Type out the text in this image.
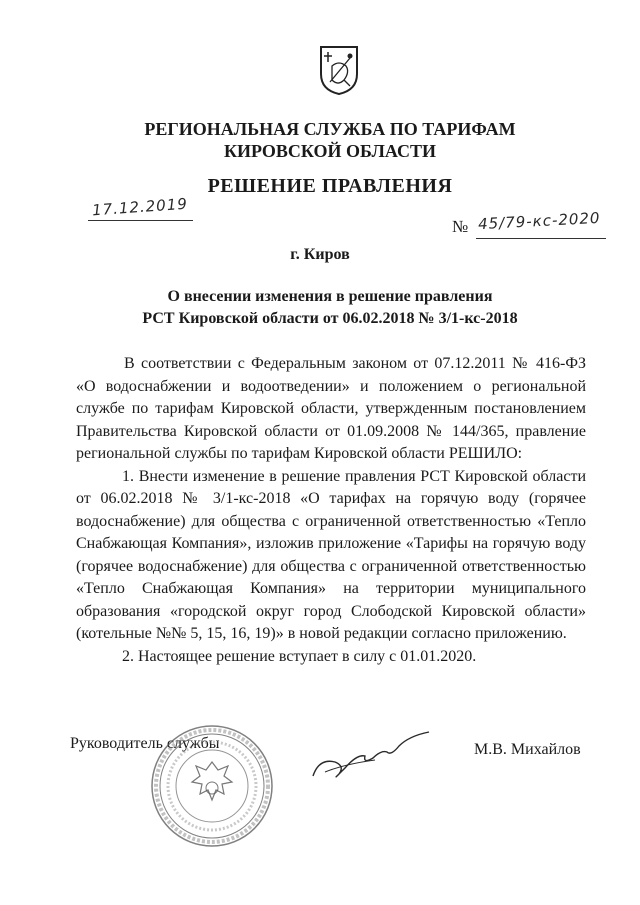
РЕГИОНАЛЬНАЯ СЛУЖБА ПО ТАРИФАМ
КИРОВСКОЙ ОБЛАСТИ
РЕШЕНИЕ ПРАВЛЕНИЯ
17.12.2019
№ 45/79-кс-2020
г. Киров
О внесении изменения в решение правления
РСТ Кировской области от 06.02.2018 № 3/1-кс-2018

В соответствии с Федеральным законом от 07.12.2011 № 416-ФЗ «О водоснабжении и водоотведении» и положением о региональной службе по тарифам Кировской области, утвержденным постановлением Правительства Кировской области от 01.09.2008 № 144/365, правление региональной службы по тарифам Кировской области РЕШИЛО:

1. Внести изменение в решение правления РСТ Кировской области от 06.02.2018 № 3/1-кс-2018 «О тарифах на горячую воду (горячее водоснабжение) для общества с ограниченной ответственностью «Тепло Снабжающая Компания», изложив приложение «Тарифы на горячую воду (горячее водоснабжение) для общества с ограниченной ответственностью «Тепло Снабжающая Компания» на территории муниципального образования «городской округ город Слободской Кировской области» (котельные №№ 5, 15, 16, 19)» в новой редакции согласно приложению.

2. Настоящее решение вступает в силу с 01.01.2020.

Руководитель службы	М.В. Михайлов
